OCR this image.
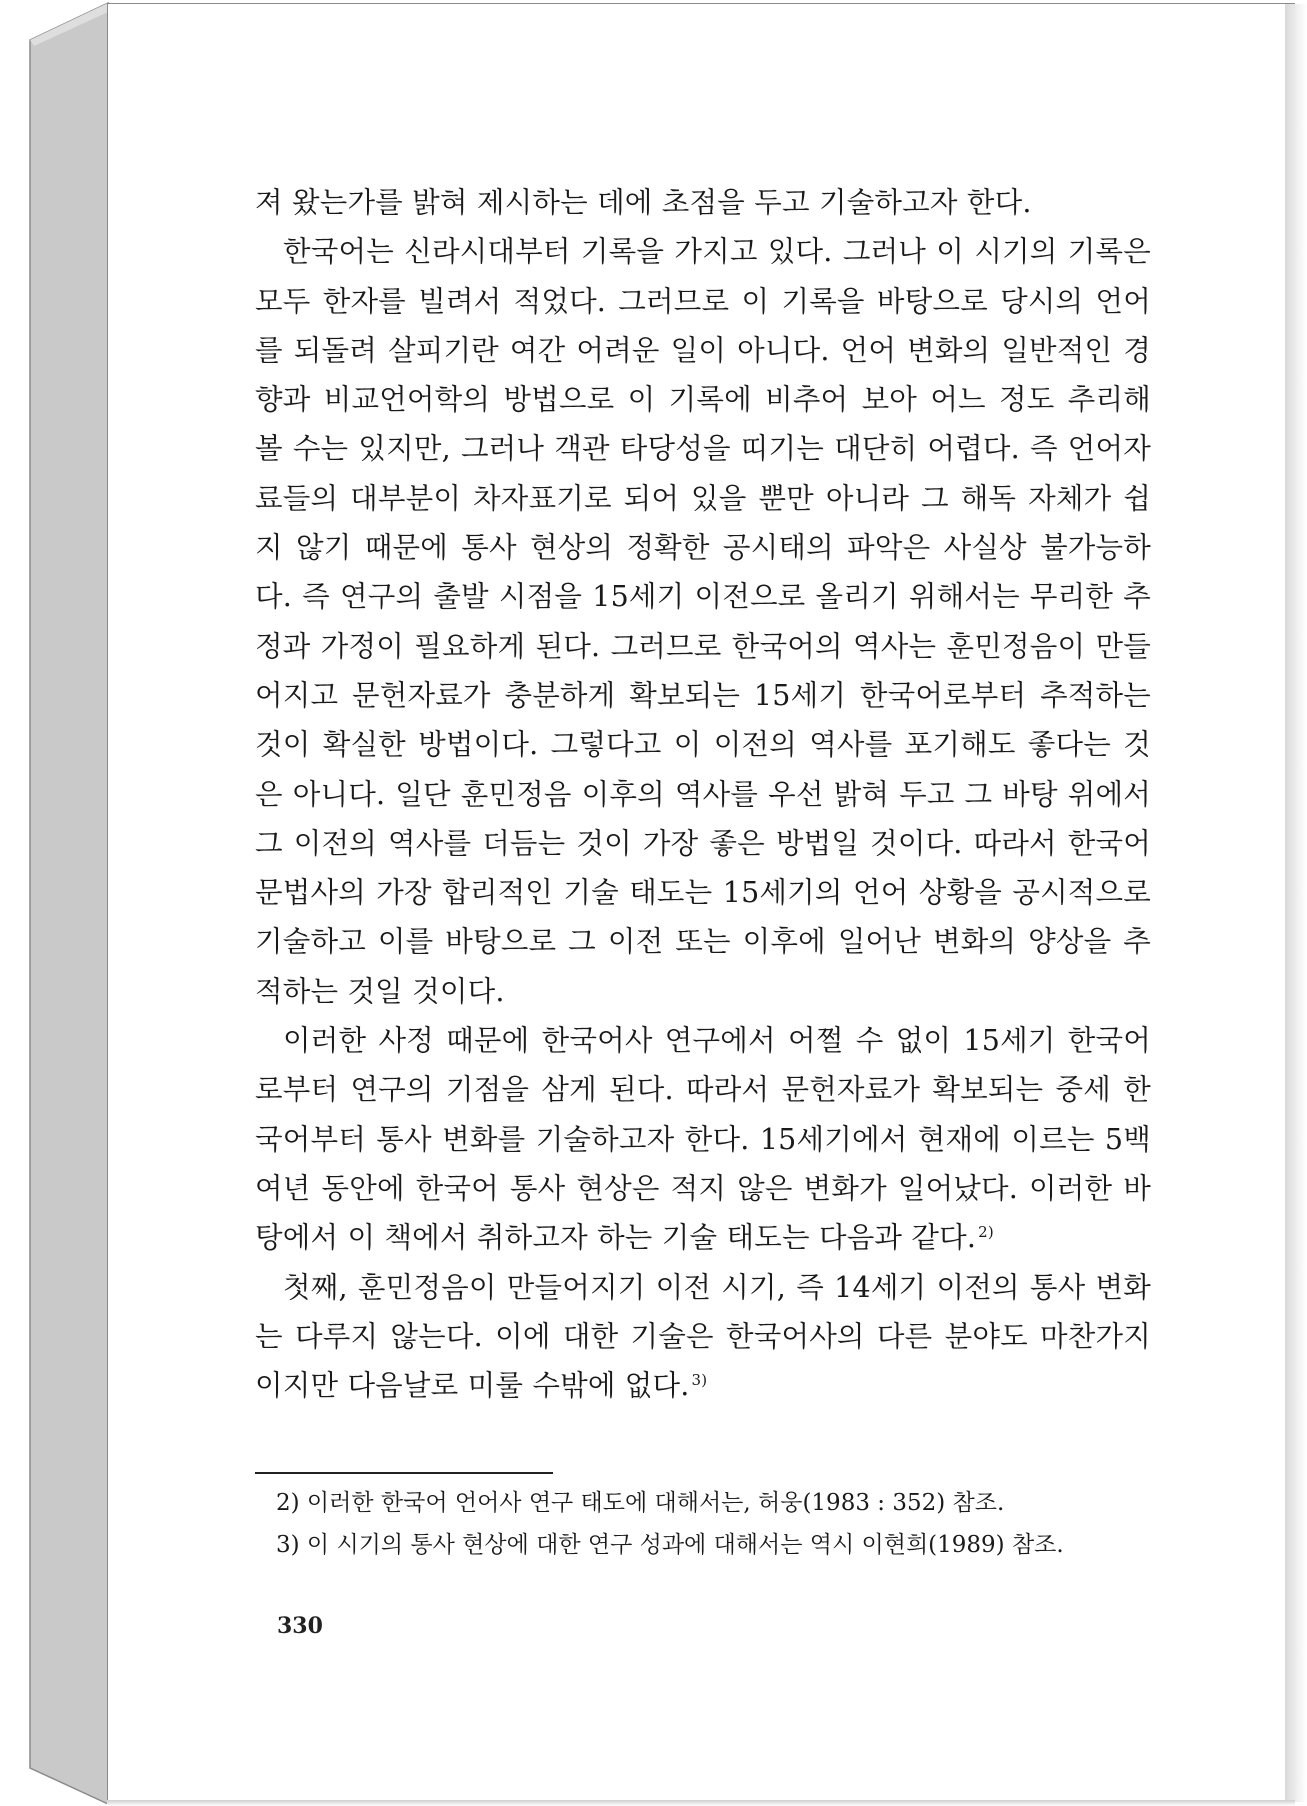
져 왔는가를 밝혀 제시하는 데에 초점을 두고 기술하고자 한다.

한국어는 신라시대부터 기록을 가지고 있다. 그러나 이 시기의 기록은 모두 한자를 빌려서 적었다. 그러므로 이 기록을 바탕으로 당시의 언어를 되돌려 살피기란 여간 어려운 일이 아니다. 언어 변화의 일반적인 경향과 비교언어학의 방법으로 이 기록에 비추어 보아 어느 정도 추리해 볼 수는 있지만, 그러나 객관 타당성을 띠기는 대단히 어렵다. 즉 언어자료들의 대부분이 차자표기로 되어 있을 뿐만 아니라 그 해독 자체가 쉽지 않기 때문에 통사 현상의 정확한 공시태의 파악은 사실상 불가능하다. 즉 연구의 출발 시점을 15세기 이전으로 올리기 위해서는 무리한 추정과 가정이 필요하게 된다. 그러므로 한국어의 역사는 훈민정음이 만들어지고 문헌자료가 충분하게 확보되는 15세기 한국어로부터 추적하는 것이 확실한 방법이다. 그렇다고 이 이전의 역사를 포기해도 좋다는 것은 아니다. 일단 훈민정음 이후의 역사를 우선 밝혀 두고 그 바탕 위에서 그 이전의 역사를 더듬는 것이 가장 좋은 방법일 것이다. 따라서 한국어 문법사의 가장 합리적인 기술 태도는 15세기의 언어 상황을 공시적으로 기술하고 이를 바탕으로 그 이전 또는 이후에 일어난 변화의 양상을 추적하는 것일 것이다.

이러한 사정 때문에 한국어사 연구에서 어쩔 수 없이 15세기 한국어로부터 연구의 기점을 삼게 된다. 따라서 문헌자료가 확보되는 중세 한국어부터 통사 변화를 기술하고자 한다. 15세기에서 현재에 이르는 5백여년 동안에 한국어 통사 현상은 적지 않은 변화가 일어났다. 이러한 바탕에서 이 책에서 취하고자 하는 기술 태도는 다음과 같다. $^{2)}$

첫째, 훈민정음이 만들어지기 이전 시기, 즉 14세기 이전의 통사 변화는 다루지 않는다. 이에 대한 기술은 한국어사의 다른 분야도 마찬가지이지만 다음날로 미룰 수밖에 없다. $^{3)}$

2) 이러한 한국어 언어사 연구 태도에 대해서는, 허웅(1983 : 352) 참조.

3) 이 시기의 통사 현상에 대한 연구 성과에 대해서는 역시 이현희(1989) 참조.

330
